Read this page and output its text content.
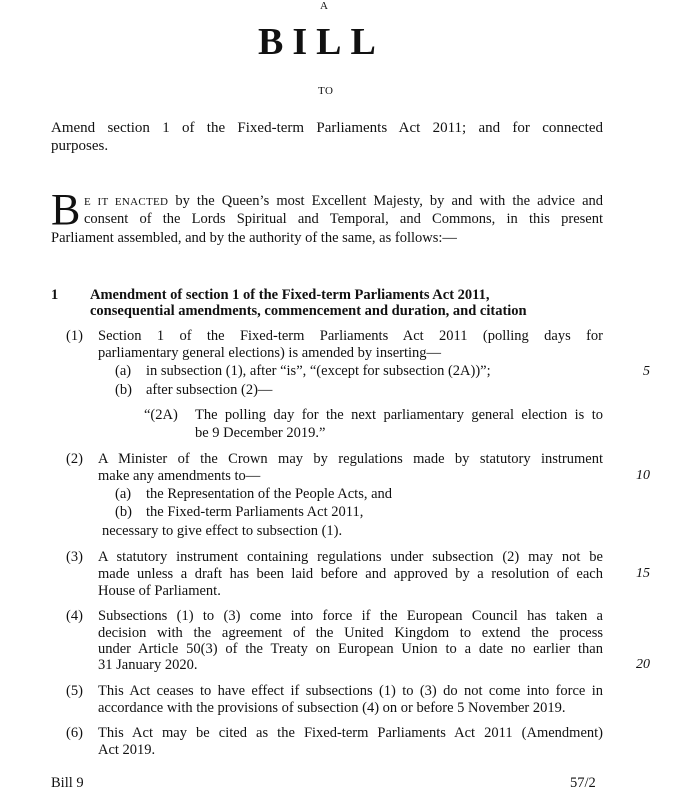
A
BILL
TO
Amend section 1 of the Fixed-term Parliaments Act 2011; and for connected
purposes.
B E IT ENACTED by the Queen’s most Excellent Majesty, by and with the advice and
consent of the Lords Spiritual and Temporal, and Commons, in this present
Parliament assembled, and by the authority of the same, as follows:—
1 Amendment of section 1 of the Fixed-term Parliaments Act 2011,
consequential amendments, commencement and duration, and citation
(1) Section 1 of the Fixed-term Parliaments Act 2011 (polling days for
parliamentary general elections) is amended by inserting—
(a) in subsection (1), after “is”, “(except for subsection (2A))”;
(b) after subsection (2)—
“(2A) The polling day for the next parliamentary general election is to
be 9 December 2019.”
(2) A Minister of the Crown may by regulations made by statutory instrument
make any amendments to—
(a) the Representation of the People Acts, and
(b) the Fixed-term Parliaments Act 2011,
necessary to give effect to subsection (1).
(3) A statutory instrument containing regulations under subsection (2) may not be
made unless a draft has been laid before and approved by a resolution of each
House of Parliament.
(4) Subsections (1) to (3) come into force if the European Council has taken a
decision with the agreement of the United Kingdom to extend the process
under Article 50(3) of the Treaty on European Union to a date no earlier than
31 January 2020.
(5) This Act ceases to have effect if subsections (1) to (3) do not come into force in
accordance with the provisions of subsection (4) on or before 5 November 2019.
(6) This Act may be cited as the Fixed-term Parliaments Act 2011 (Amendment)
Act 2019.
5
10
15
20
Bill 9	57/2
